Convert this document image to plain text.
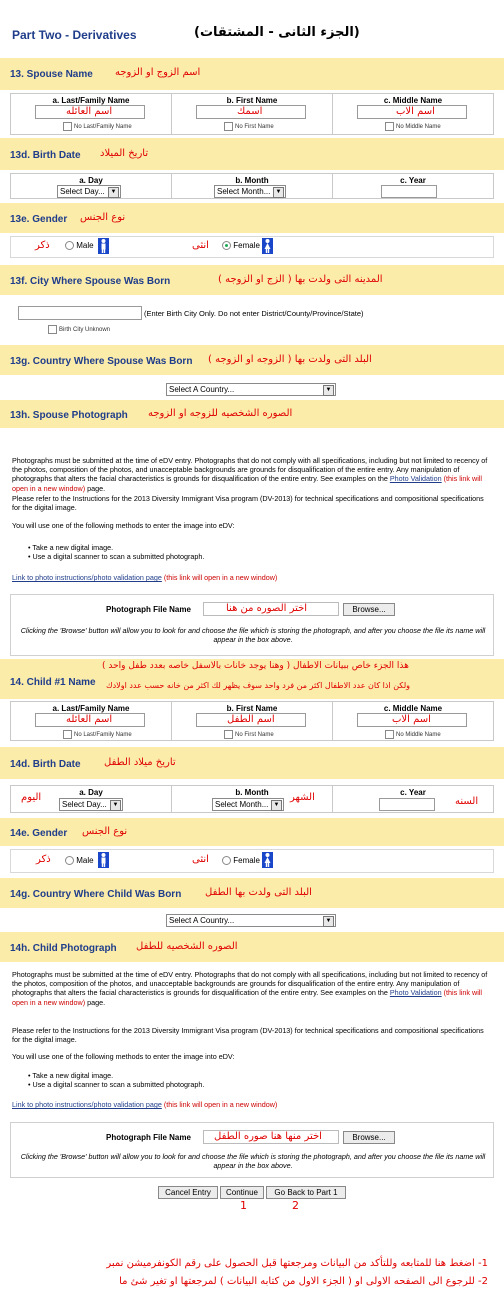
Part Two - Derivatives	(الجزء الثانى - المشتقات)
13. Spouse Name اسم الزوج او الزوجه
a. Last/Family Name
اسم العائله
No Last/Family Name
b. First Name
اسمك
No First Name
c. Middle Name
اسم الاب
No Middle Name
13d. Birth Date تاريخ الميلاد
a. Day
Select Day... ▼
b. Month
Select Month... ▼
c. Year
13e. Gender نوع الجنس
ذكر	Male	انثى	Female
13f. City Where Spouse Was Born	المدينه التى ولدت بها ( الزج او الزوجه )
(Enter Birth City Only. Do not enter District/County/Province/State)
Birth City Unknown
13g. Country Where Spouse Was Born البلد التى ولدت بها ( الزوجه او الزوجه )
Select A Country...	▼
13h. Spouse Photograph الصوره الشخصيه للزوجه او الزوجه
Photographs must be submitted at the time of eDV entry. Photographs that do not comply with all specifications, including but not limited to recency of the photos, composition of the photos, and unacceptable backgrounds are grounds for disqualification of the entire entry. Any manipulation of photographs that alters the facial characteristics is grounds for disqualification of the entire entry. See examples on the Photo Validation (this link will open in a new window) page.
Please refer to the Instructions for the 2013 Diversity Immigrant Visa program (DV-2013) for technical specifications and compositional specifications for the digital image.
You will use one of the following methods to enter the image into eDV:
• Take a new digital image.
• Use a digital scanner to scan a submitted photograph.
Link to photo instructions/photo validation page (this link will open in a new window)
Photograph File Name	اختر الصوره من هنا	Browse...
Clicking the 'Browse' button will allow you to look for and choose the file which is storing the photograph, and after you choose the file its name will appear in the box above.
14. Child #1 Name
هذا الجزء خاص ببيانات الاطفال ( وهنا يوجد خانات بالاسفل خاصه بعدد طفل واحد )
ولكن اذا كان عدد الاطفال اكثر من فرد واحد سوف يظهر لك اكثر من خانه حسب عدد اولادك
a. Last/Family Name
اسم العائله
No Last/Family Name
b. First Name
اسم الطفل
No First Name
c. Middle Name
اسم الاب
No Middle Name
14d. Birth Date تاريخ ميلاد الطفل
a. Day
اليوم
Select Day... ▼
b. Month
Select Month... ▼
الشهر	c. Year
السنه
14e. Gender نوع الجنس
ذكر	Male	انثى	Female
14g. Country Where Child Was Born البلد التى ولدت بها الطفل
Select A Country...	▼
14h. Child Photograph الصوره الشخصيه للطفل
Photographs must be submitted at the time of eDV entry. Photographs that do not comply with all specifications, including but not limited to recency of the photos, composition of the photos, and unacceptable backgrounds are grounds for disqualification of the entire entry. Any manipulation of photographs that alters the facial characteristics is grounds for disqualification of the entire entry. See examples on the Photo Validation (this link will open in a new window) page.
Please refer to the Instructions for the 2013 Diversity Immigrant Visa program (DV-2013) for technical specifications and compositional specifications for the digital image.
You will use one of the following methods to enter the image into eDV:
• Take a new digital image.
• Use a digital scanner to scan a submitted photograph.
Link to photo instructions/photo validation page (this link will open in a new window)
Photograph File Name اختر منها هنا صوره الطفل	Browse...
Clicking the 'Browse' button will allow you to look for and choose the file which is storing the photograph, and after you choose the file its name will appear in the box above.
Cancel Entry	Continue	Go Back to Part 1
1	2
1- اضغط هنا للمتابعه وللتأكد من البيانات ومرجعتها قبل الحصول على رقم الكونفرميشن نمبر
2- للرجوع الى الصفحه الاولى او ( الجزء الاول من كتابه البيانات ) لمرجعتها او تغير شئ ما
